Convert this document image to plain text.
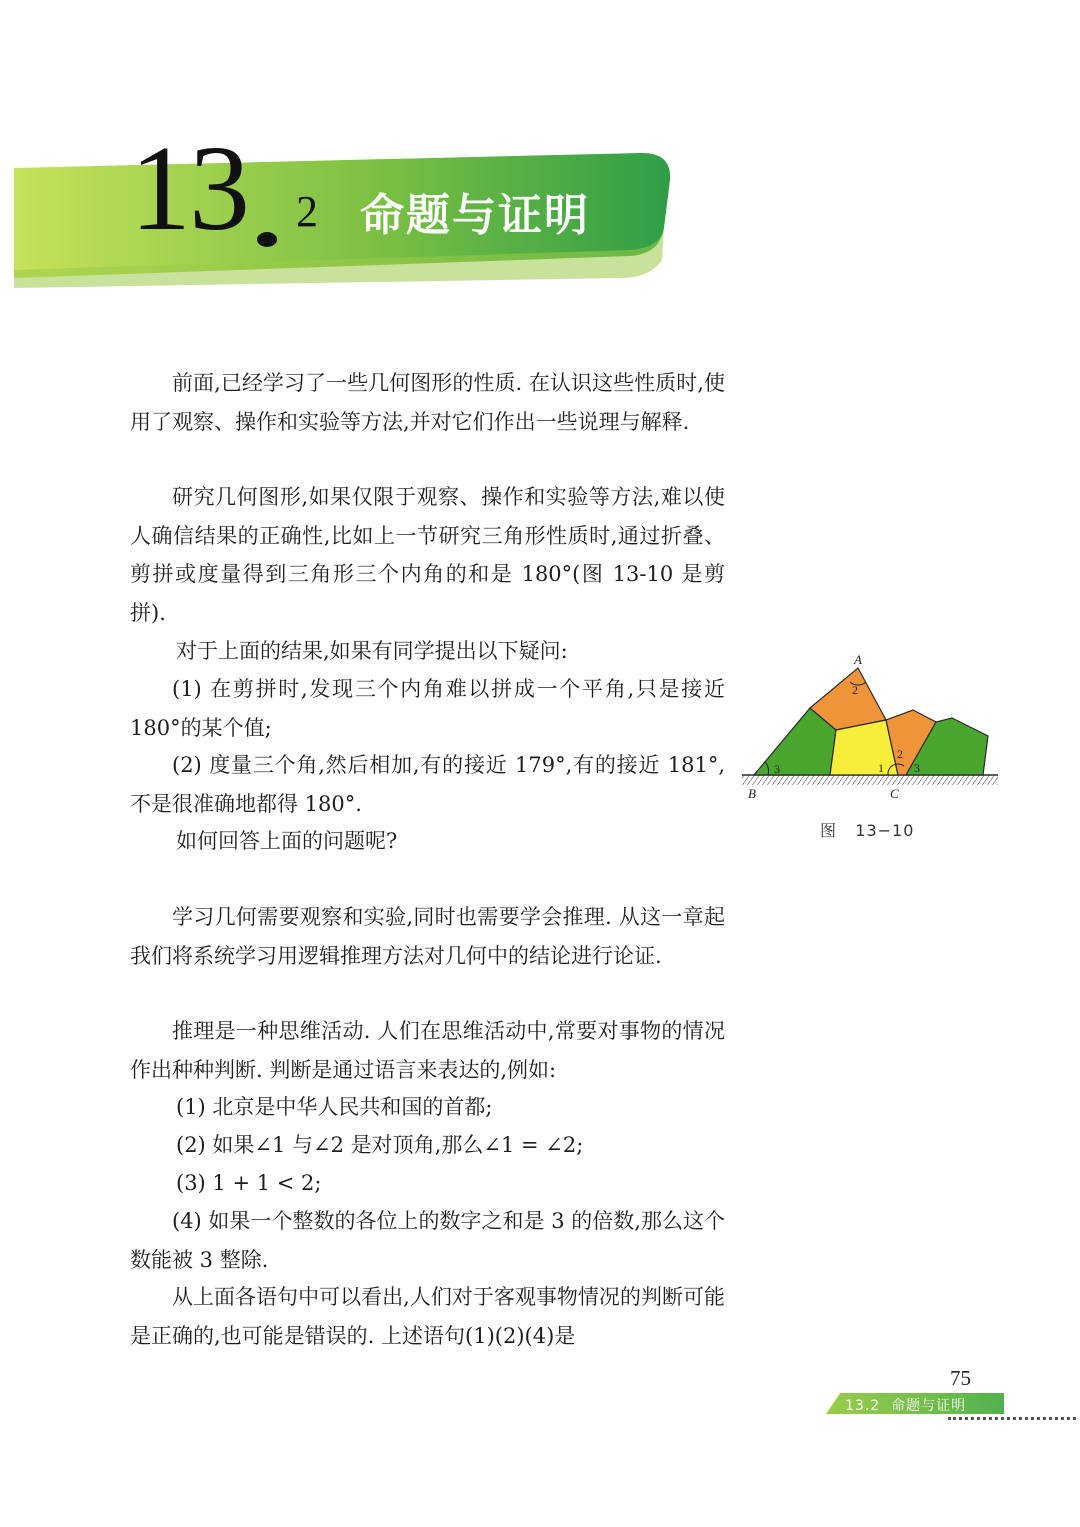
13 2 命题与证明

前面,已经学习了一些几何图形的性质. 在认识这些性质时,使用了观察、操作和实验等方法,并对它们作出一些说理与解释.

研究几何图形,如果仅限于观察、操作和实验等方法,难以使人确信结果的正确性,比如上一节研究三角形性质时,通过折叠、剪拼或度量得到三角形三个内角的和是 180°(图 13-10 是剪拼).

对于上面的结果,如果有同学提出以下疑问:

(1) 在剪拼时,发现三个内角难以拼成一个平角,只是接近 180°的某个值;

(2) 度量三个角,然后相加,有的接近 179°,有的接近 181°,不是很准确地都得 180°.

如何回答上面的问题呢?

学习几何需要观察和实验,同时也需要学会推理. 从这一章起我们将系统学习用逻辑推理方法对几何中的结论进行论证.

推理是一种思维活动. 人们在思维活动中,常要对事物的情况作出种种判断. 判断是通过语言来表达的,例如:

(1) 北京是中华人民共和国的首都;

(2) 如果∠1 与∠2 是对顶角,那么∠1 = ∠2;

(3) 1 + 1 < 2;

(4) 如果一个整数的各位上的数字之和是 3 的倍数,那么这个数能被 3 整除.

从上面各语句中可以看出,人们对于客观事物情况的判断可能是正确的,也可能是错误的. 上述语句(1)(2)(4)是

A
2
3
B
1
2
3
C
图   13−10
75
13.2  命题与证明
